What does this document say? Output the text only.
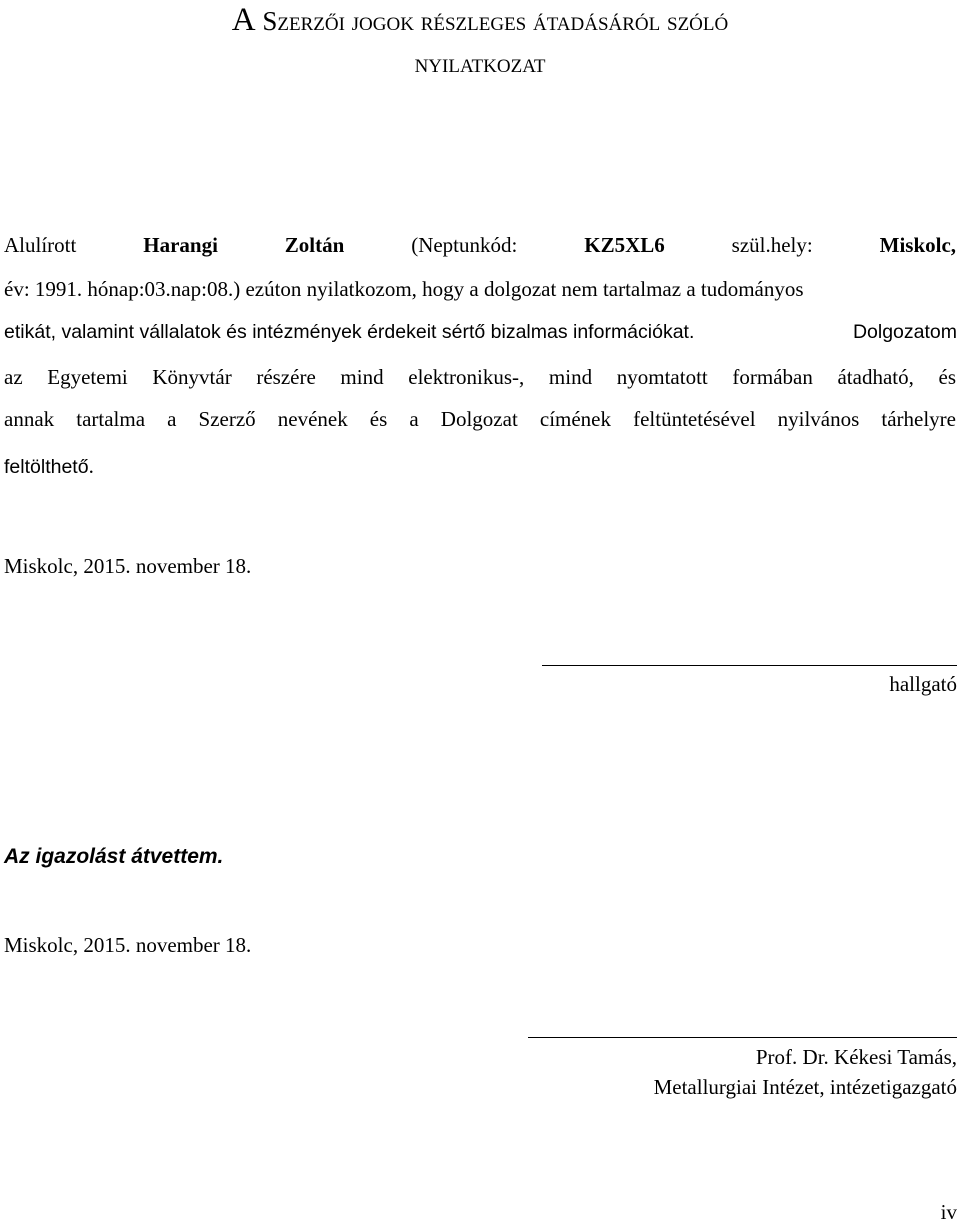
A Szerzői jogok részleges átadásáról szóló
nyilatkozat
Alulírott	Harangi	Zoltán	(Neptunkód:	KZ5XL6	szül.hely:	Miskolc,
év: 1991. hónap:03.nap:08.) ezúton nyilatkozom, hogy a dolgozat nem tartalmaz a tudományos
etikát, valamint vállalatok és intézmények érdekeit sértő bizalmas információkat.	Dolgozatom
az Egyetemi Könyvtár részére mind elektronikus-, mind nyomtatott formában átadható, és
annak tartalma a Szerző nevének és a Dolgozat címének feltüntetésével nyilvános tárhelyre
feltölthető.
Miskolc, 2015. november 18.
hallgató
Az igazolást átvettem.
Miskolc, 2015. november 18.
Prof. Dr. Kékesi Tamás,
Metallurgiai Intézet, intézetigazgató
iv
